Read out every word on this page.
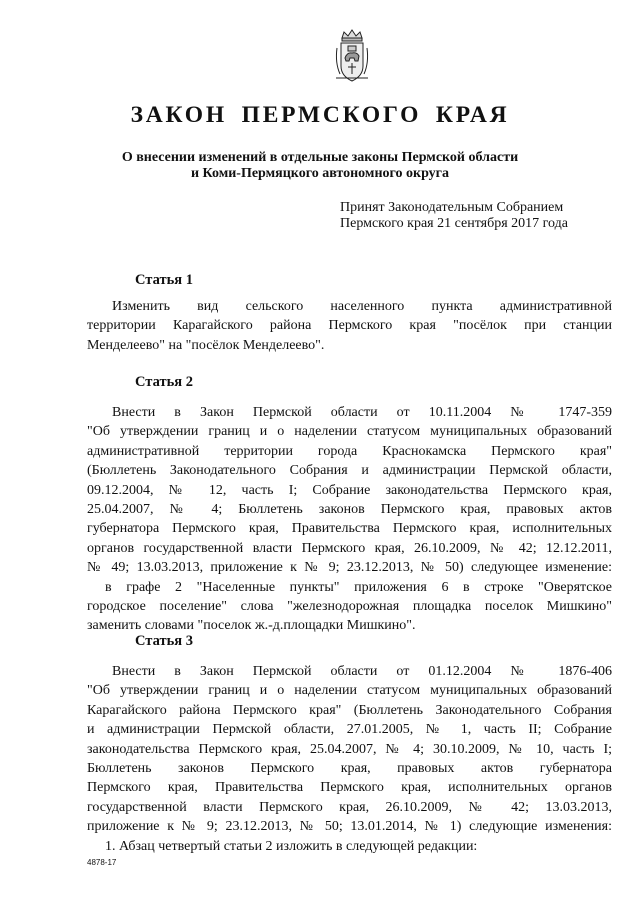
ЗАКОН ПЕРМСКОГО КРАЯ
О внесении изменений в отдельные законы Пермской области
и Коми-Пермяцкого автономного округа
Принят Законодательным Собранием
Пермского края 21 сентября 2017 года
Статья 1
Изменить вид сельского населенного пункта административной
территории Карагайского района Пермского края "посёлок при станции
Менделеево" на "посёлок Менделеево".
Статья 2
Внести в Закон Пермской области от 10.11.2004 № 1747-359
"Об утверждении границ и о наделении статусом муниципальных образований
административной территории города Краснокамска Пермского края"
(Бюллетень Законодательного Собрания и администрации Пермской области,
09.12.2004, № 12, часть I; Собрание законодательства Пермского края,
25.04.2007, № 4; Бюллетень законов Пермского края, правовых актов
губернатора Пермского края, Правительства Пермского края, исполнительных
органов государственной власти Пермского края, 26.10.2009, № 42; 12.12.2011,
№ 49; 13.03.2013, приложение к № 9; 23.12.2013, № 50) следующее изменение:
в графе 2 "Населенные пункты" приложения 6 в строке "Оверятское
городское поселение" слова "железнодорожная площадка поселок Мишкино"
заменить словами "поселок ж.-д.площадки Мишкино".
Статья 3
Внести в Закон Пермской области от 01.12.2004 № 1876-406
"Об утверждении границ и о наделении статусом муниципальных образований
Карагайского района Пермского края" (Бюллетень Законодательного Собрания
и администрации Пермской области, 27.01.2005, № 1, часть II; Собрание
законодательства Пермского края, 25.04.2007, № 4; 30.10.2009, № 10, часть I;
Бюллетень законов Пермского края, правовых актов губернатора
Пермского края, Правительства Пермского края, исполнительных органов
государственной власти Пермского края, 26.10.2009, № 42; 13.03.2013,
приложение к № 9; 23.12.2013, № 50; 13.01.2014, № 1) следующие изменения:
1. Абзац четвертый статьи 2 изложить в следующей редакции:
4878-17
